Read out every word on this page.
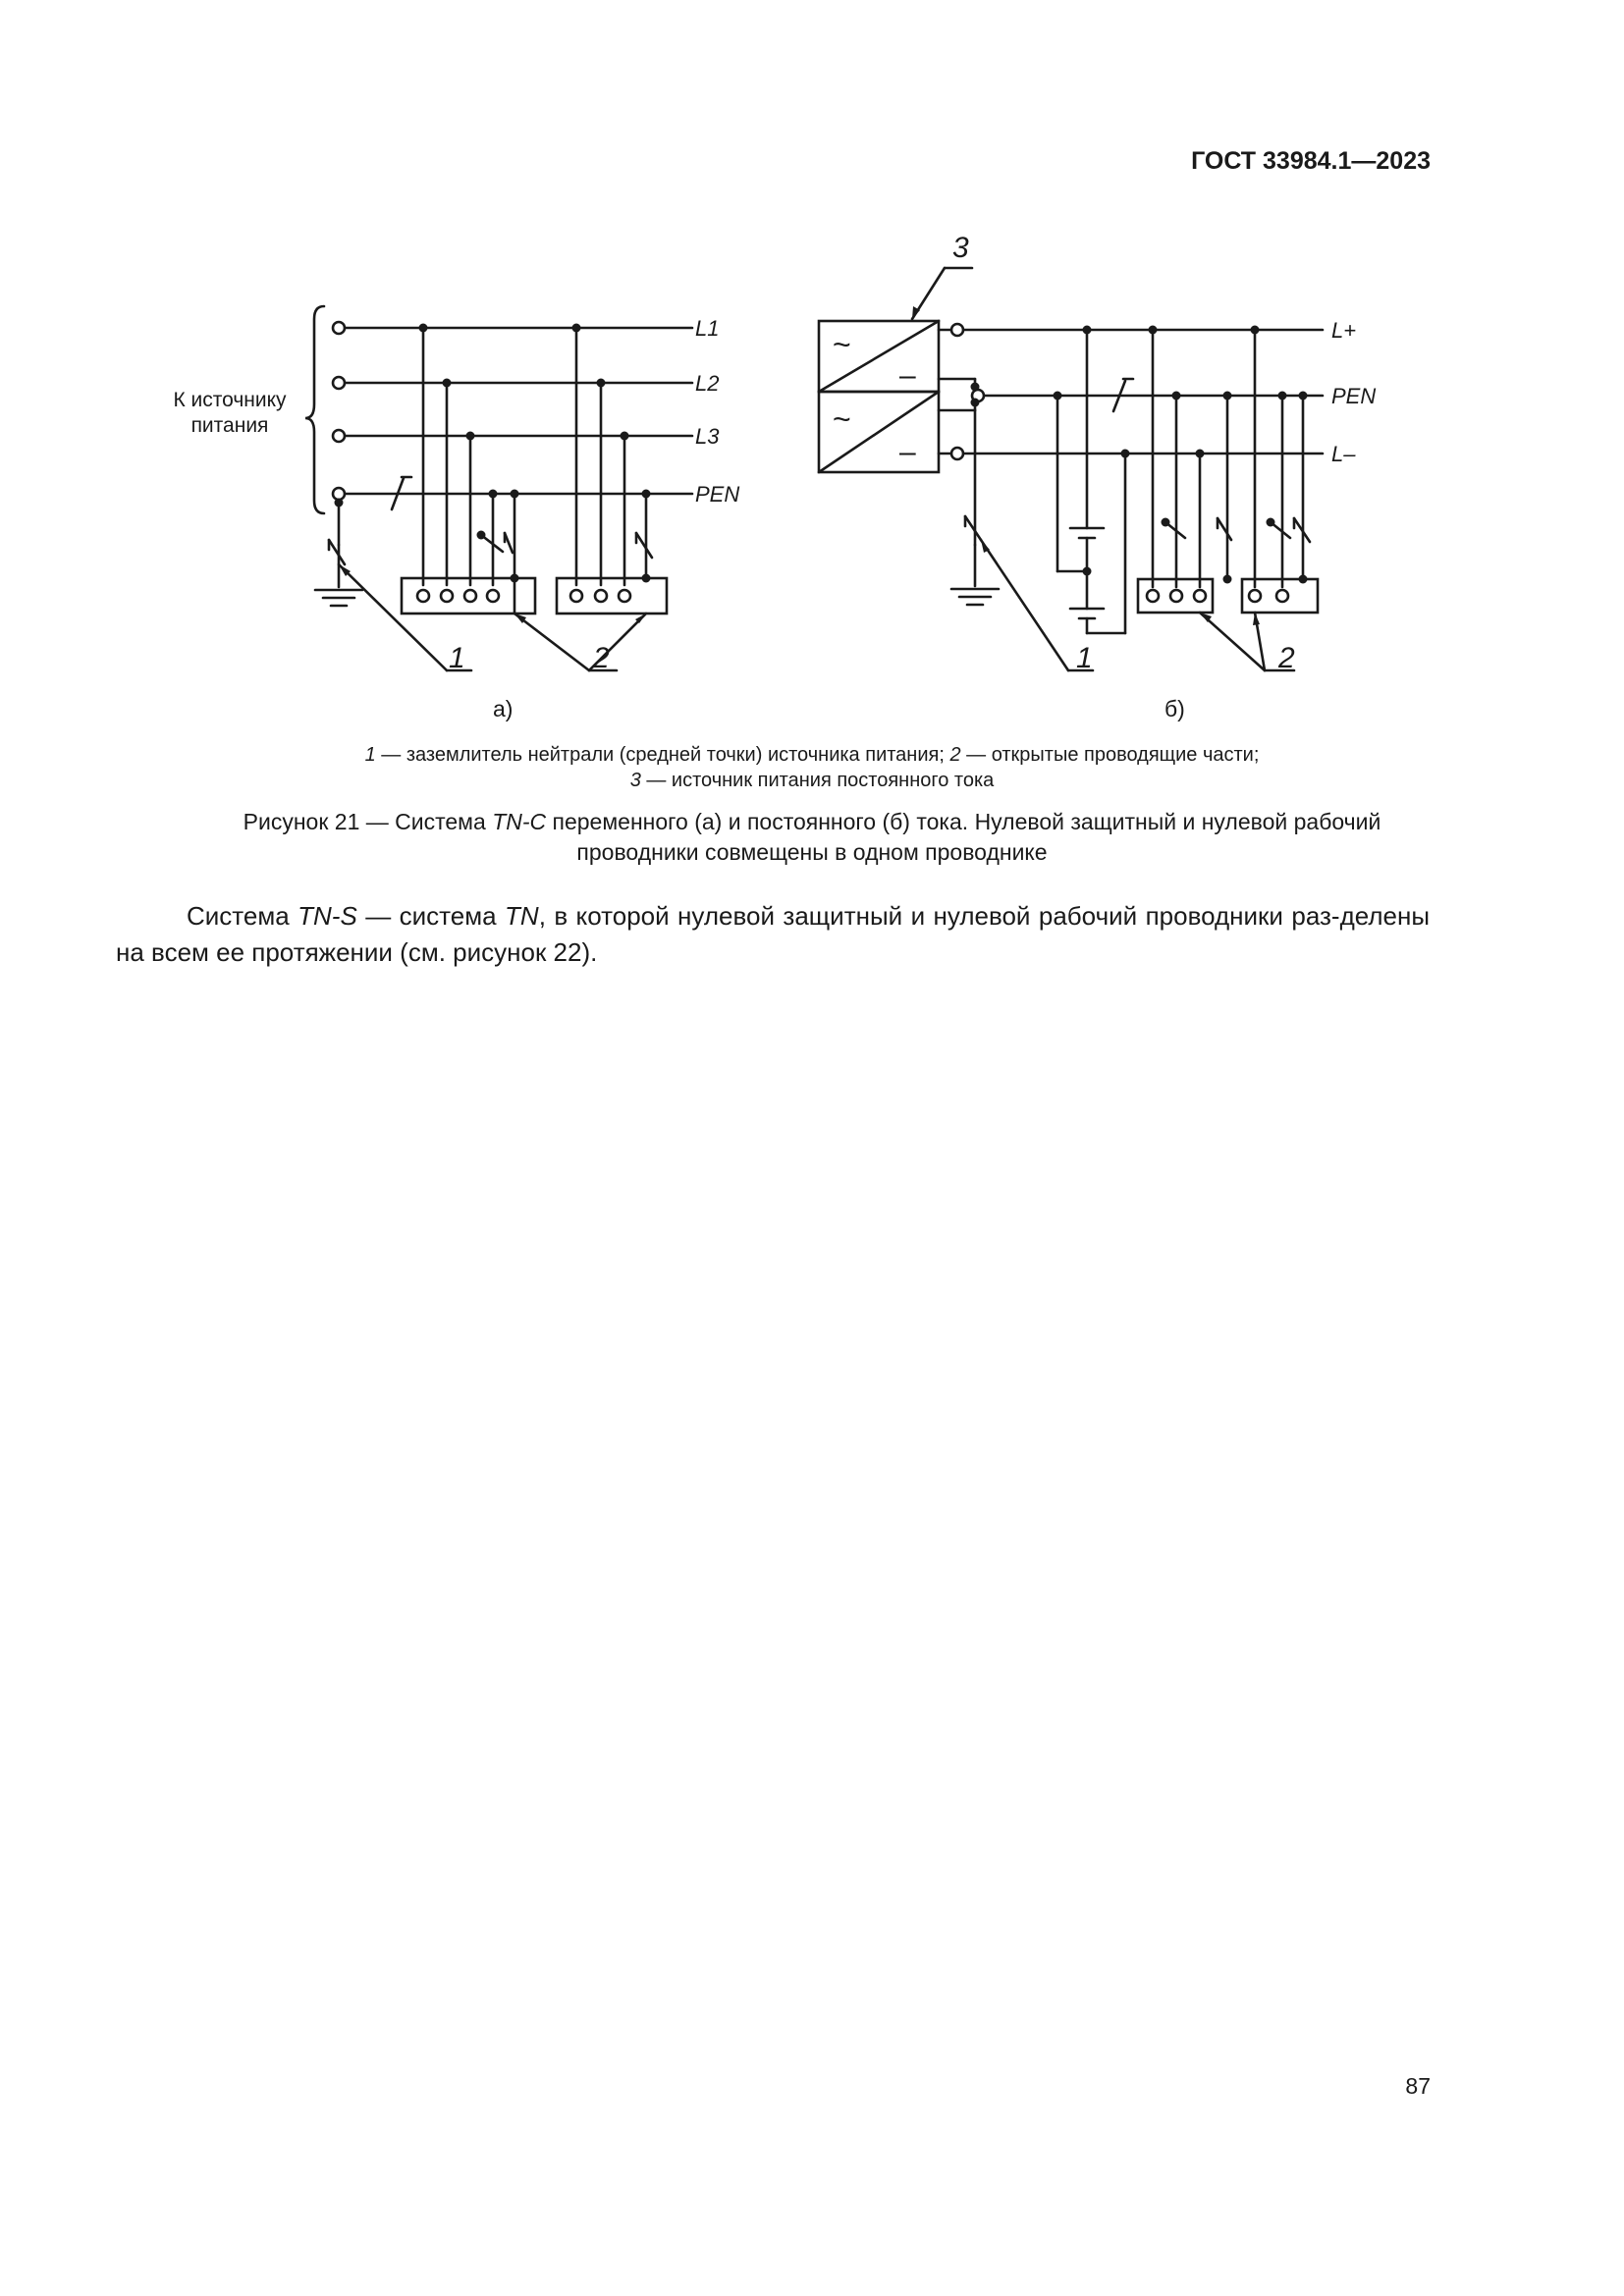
ГОСТ 33984.1—2023
К источнику
питания
L1
L2
L3
PEN
1	2
а)
3
~
–
~
–
L+
PEN
L–
1	2
б)
1 — заземлитель нейтрали (средней точки) источника питания; 2 — открытые проводящие части;
3 — источник питания постоянного тока
Рисунок 21 — Система TN-C переменного (а) и постоянного (б) тока. Нулевой защитный и нулевой рабочий
проводники совмещены в одном проводнике
Система TN-S — система TN, в которой нулевой защитный и нулевой рабочий проводники раз-делены на всем ее протяжении (см. рисунок 22).
87
